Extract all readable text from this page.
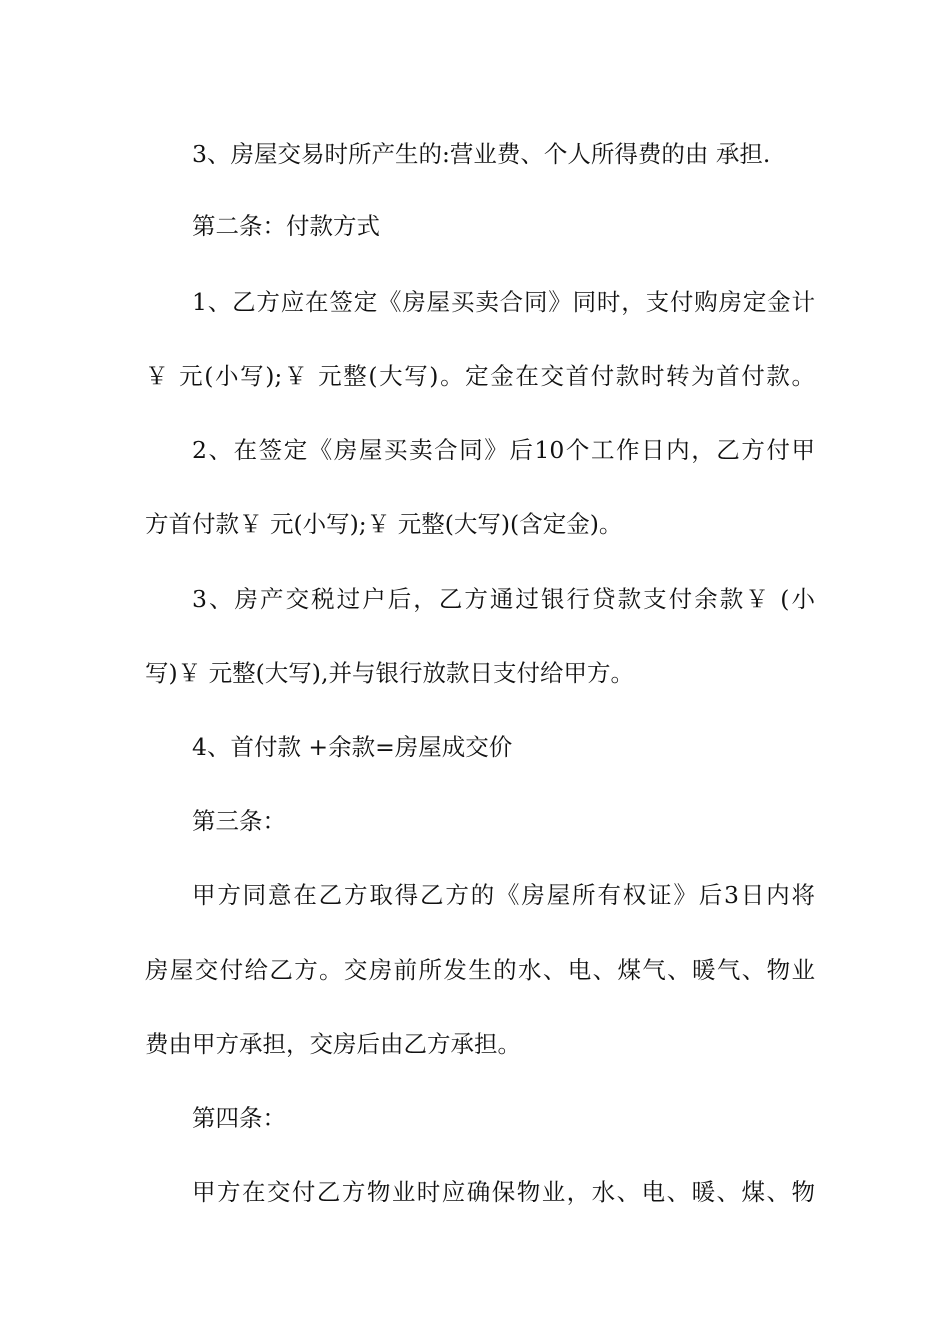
3、房屋交易时所产生的:营业费、个人所得费的由 承担.
第二条：付款方式
1、乙方应在签定《房屋买卖合同》同时，支付购房定金计
￥ 元(小写);￥ 元整(大写)。定金在交首付款时转为首付款。
2、在签定《房屋买卖合同》后10个工作日内，乙方付甲
方首付款￥ 元(小写);￥ 元整(大写)(含定金)。
3、房产交税过户后，乙方通过银行贷款支付余款￥ (小
写)￥ 元整(大写),并与银行放款日支付给甲方。
4、首付款 +余款=房屋成交价
第三条：
甲方同意在乙方取得乙方的《房屋所有权证》后3日内将
房屋交付给乙方。交房前所发生的水、电、煤气、暖气、物业
费由甲方承担，交房后由乙方承担。
第四条：
甲方在交付乙方物业时应确保物业，水、电、暖、煤、物
